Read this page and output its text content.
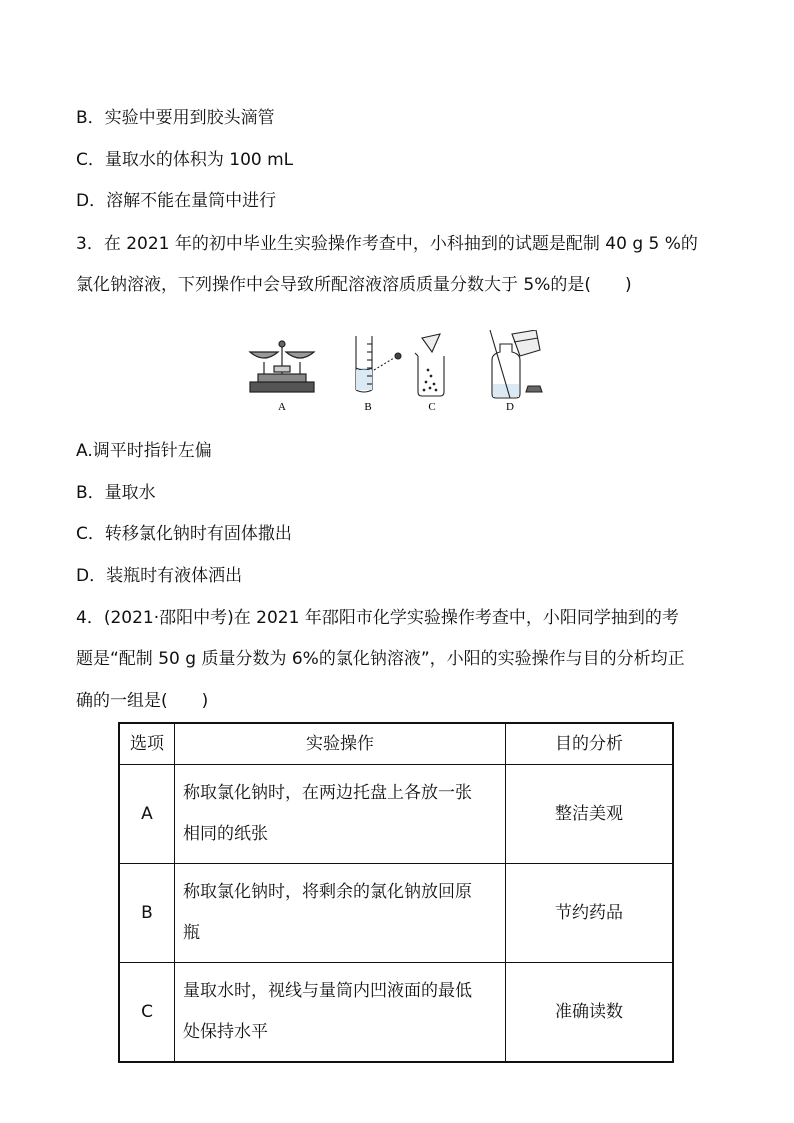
B．实验中要用到胶头滴管
C．量取水的体积为 100 mL
D．溶解不能在量筒中进行
3．在 2021 年的初中毕业生实验操作考查中，小科抽到的试题是配制 40 g 5 %的
氯化钠溶液，下列操作中会导致所配溶液溶质质量分数大于 5%的是(　　)
A	B	C	D
A.调平时指针左偏
B．量取水
C．转移氯化钠时有固体撒出
D．装瓶时有液体洒出
4．(2021·邵阳中考)在 2021 年邵阳市化学实验操作考查中，小阳同学抽到的考
题是“配制 50 g 质量分数为 6%的氯化钠溶液”，小阳的实验操作与目的分析均正
确的一组是(　　)
选项	实验操作	目的分析
A	称取氯化钠时，在两边托盘上各放一张
相同的纸张	整洁美观
B	称取氯化钠时，将剩余的氯化钠放回原
瓶	节约药品
C	量取水时，视线与量筒内凹液面的最低
处保持水平	准确读数
